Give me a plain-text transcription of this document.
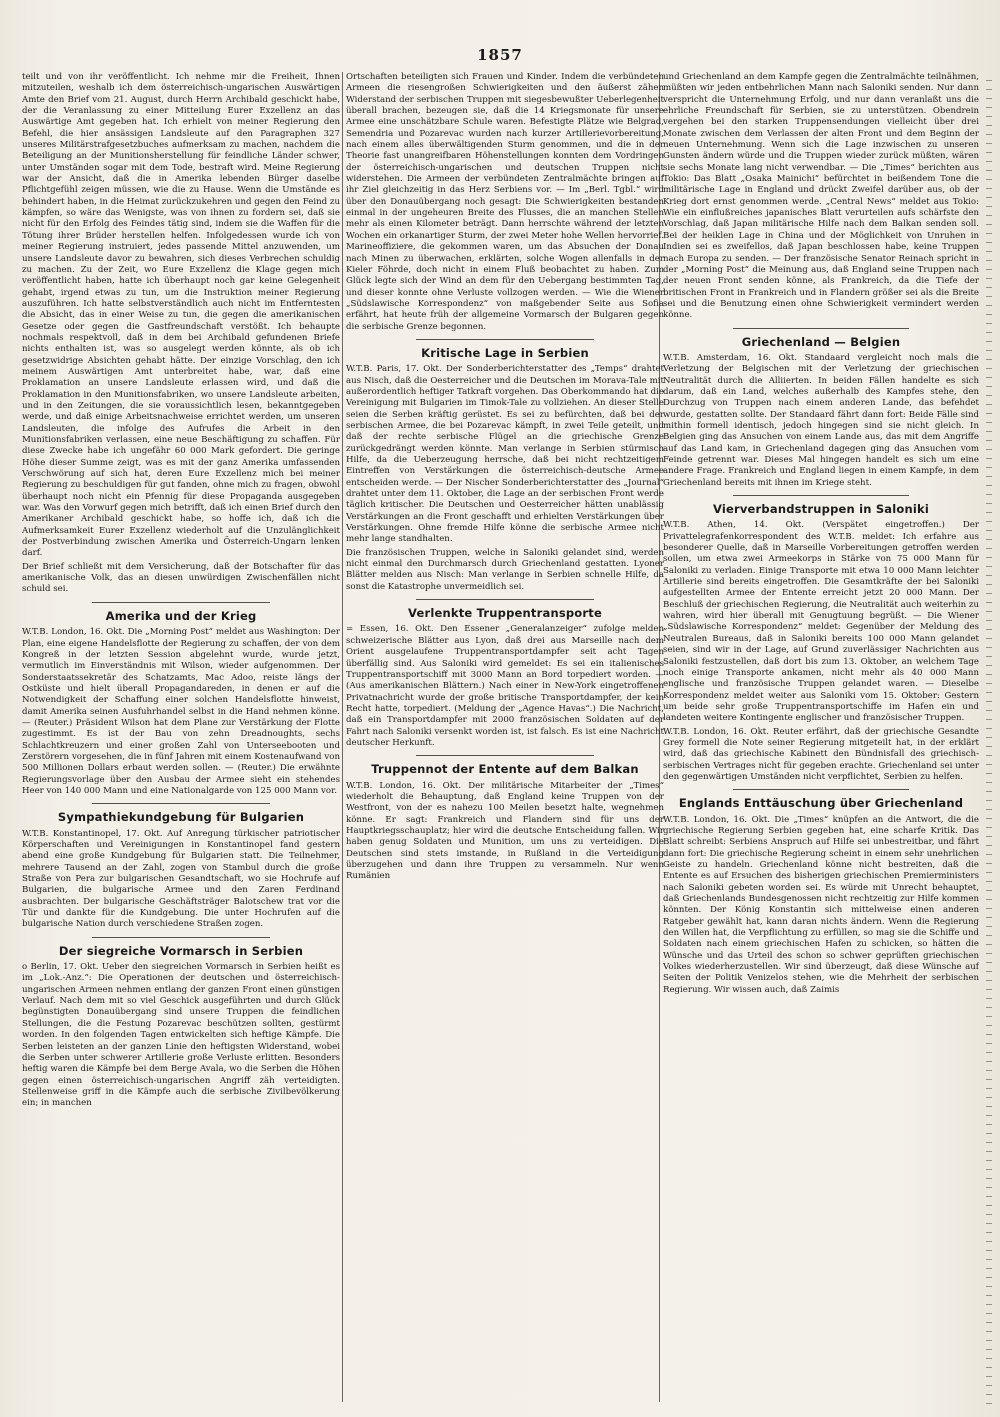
1857

teilt und von ihr veröffentlicht. Ich nehme mir die Freiheit, Ihnen mitzuteilen, weshalb ich dem österreichisch-ungarischen Auswärtigen Amte den Brief vom 21. August, durch Herrn Archibald geschickt habe, der die Veranlassung zu einer Mitteilung Eurer Exzellenz an das Auswärtige Amt gegeben hat. Ich erhielt von meiner Regierung den Befehl, die hier ansässigen Landsleute auf den Paragraphen 327 unseres Militärstrafgesetzbuches aufmerksam zu machen, nachdem die Beteiligung an der Munitionsherstellung für feindliche Länder schwer, unter Umständen sogar mit dem Tode, bestraft wird. Meine Regierung war der Ansicht, daß die in Amerika lebenden Bürger daselbe Pflichtgefühl zeigen müssen, wie die zu Hause. Wenn die Umstände es behindert haben, in die Heimat zurückzukehren und gegen den Feind zu kämpfen, so wäre das Wenigste, was von ihnen zu fordern sei, daß sie nicht für den Erfolg des Feindes tätig sind, indem sie die Waffen für die Tötung ihrer Brüder herstellen helfen. Infolgedessen wurde ich von meiner Regierung instruiert, jedes passende Mittel anzuwenden, um unsere Landsleute davor zu bewahren, sich dieses Verbrechen schuldig zu machen. Zu der Zeit, wo Eure Exzellenz die Klage gegen mich veröffentlicht haben, hatte ich überhaupt noch gar keine Gelegenheit gehabt, irgend etwas zu tun, um die Instruktion meiner Regierung auszuführen. Ich hatte selbstverständlich auch nicht im Entferntesten die Absicht, das in einer Weise zu tun, die gegen die amerikanischen Gesetze oder gegen die Gastfreundschaft verstößt. Ich behaupte nochmals respektvoll, daß in dem bei Archibald gefundenen Briefe nichts enthalten ist, was so ausgelegt werden könnte, als ob ich gesetzwidrige Absichten gehabt hätte. Der einzige Vorschlag, den ich meinem Auswärtigen Amt unterbreitet habe, war, daß eine Proklamation an unsere Landsleute erlassen wird, und daß die Proklamation in den Munitionsfabriken, wo unsere Landsleute arbeiten, und in den Zeitungen, die sie voraussichtlich lesen, bekanntgegeben werde, und daß einige Arbeitsnachweise errichtet werden, um unseren Landsleuten, die infolge des Aufrufes die Arbeit in den Munitionsfabriken verlassen, eine neue Beschäftigung zu schaffen. Für diese Zwecke habe ich ungefähr 60 000 Mark gefordert. Die geringe Höhe dieser Summe zeigt, was es mit der ganz Amerika umfassenden Verschwörung auf sich hat, deren Eure Exzellenz mich bei meiner Regierung zu beschuldigen für gut fanden, ohne mich zu fragen, obwohl überhaupt noch nicht ein Pfennig für diese Propaganda ausgegeben war. Was den Vorwurf gegen mich betrifft, daß ich einen Brief durch den Amerikaner Archibald geschickt habe, so hoffe ich, daß ich die Aufmerksamkeit Eurer Exzellenz wiederholt auf die Unzulänglichkeit der Postverbindung zwischen Amerika und Österreich-Ungarn lenken darf.

Der Brief schließt mit dem Versicherung, daß der Botschafter für das amerikanische Volk, das an diesen unwürdigen Zwischenfällen nicht schuld sei.

Amerika und der Krieg

W.T.B. London, 16. Okt. Die „Morning Post“ meldet aus Washington: Der Plan, eine eigene Handelsflotte der Regierung zu schaffen, der von dem Kongreß in der letzten Session abgelehnt wurde, wurde jetzt, vermutlich im Einverständnis mit Wilson, wieder aufgenommen. Der Sonderstaatssekretär des Schatzamts, Mac Adoo, reiste längs der Ostküste und hielt überall Propagandareden, in denen er auf die Notwendigkeit der Schaffung einer solchen Handelsflotte hinweist, damit Amerika seinen Ausfuhrhandel selbst in die Hand nehmen könne. — (Reuter.) Präsident Wilson hat dem Plane zur Verstärkung der Flotte zugestimmt. Es ist der Bau von zehn Dreadnoughts, sechs Schlachtkreuzern und einer großen Zahl von Unterseebooten und Zerstörern vorgesehen, die in fünf Jahren mit einem Kostenaufwand von 500 Millionen Dollars erbaut werden sollen. — (Reuter.) Die erwähnte Regierungsvorlage über den Ausbau der Armee sieht ein stehendes Heer von 140 000 Mann und eine Nationalgarde von 125 000 Mann vor.

Sympathiekundgebung für Bulgarien

W.T.B. Konstantinopel, 17. Okt. Auf Anregung türkischer patriotischer Körperschaften und Vereinigungen in Konstantinopel fand gestern abend eine große Kundgebung für Bulgarien statt. Die Teilnehmer, mehrere Tausend an der Zahl, zogen von Stambul durch die große Straße von Pera zur bulgarischen Gesandtschaft, wo sie Hochrufe auf Bulgarien, die bulgarische Armee und den Zaren Ferdinand ausbrachten. Der bulgarische Geschäftsträger Balotschew trat vor die Tür und dankte für die Kundgebung. Die unter Hochrufen auf die bulgarische Nation durch verschiedene Straßen zogen.

Der siegreiche Vormarsch in Serbien

o Berlin, 17. Okt. Ueber den siegreichen Vormarsch in Serbien heißt es im „Lok.-Anz.“: Die Operationen der deutschen und österreichisch-ungarischen Armeen nehmen entlang der ganzen Front einen günstigen Verlauf. Nach dem mit so viel Geschick ausgeführten und durch Glück begünstigten Donauübergang sind unsere Truppen die feindlichen Stellungen, die die Festung Pozarevac beschützen sollten, gestürmt worden. In den folgenden Tagen entwickelten sich heftige Kämpfe. Die Serben leisteten an der ganzen Linie den heftigsten Widerstand, wobei die Serben unter schwerer Artillerie große Verluste erlitten. Besonders heftig waren die Kämpfe bei dem Berge Avala, wo die Serben die Höhen gegen einen österreichisch-ungarischen Angriff zäh verteidigten. Stellenweise griff in die Kämpfe auch die serbische Zivilbevölkerung ein; in manchen

Ortschaften beteiligten sich Frauen und Kinder. Indem die verbündeten Armeen die riesengroßen Schwierigkeiten und den äußerst zähen Widerstand der serbischen Truppen mit siegesbewußter Ueberlegenheit überall brachen, bezeugen sie, daß die 14 Kriegsmonate für unsere Armee eine unschätzbare Schule waren. Befestigte Plätze wie Belgrad, Semendria und Pozarevac wurden nach kurzer Artillerievorbereitung, nach einem alles überwältigenden Sturm genommen, und die in der Theorie fast unangreifbaren Höhenstellungen konnten dem Vordringen der österreichisch-ungarischen und deutschen Truppen nicht widerstehen. Die Armeen der verbündeten Zentralmächte bringen auf ihr Ziel gleichzeitig in das Herz Serbiens vor. — Im „Berl. Tgbl.“ wird über den Donauübergang noch gesagt: Die Schwierigkeiten bestanden einmal in der ungeheuren Breite des Flusses, die an manchen Stellen mehr als einen Kilometer beträgt. Dann herrschte während der letzten Wochen ein orkanartiger Sturm, der zwei Meter hohe Wellen hervorrief. Marineoffiziere, die gekommen waren, um das Absuchen der Donau nach Minen zu überwachen, erklärten, solche Wogen allenfalls in der Kieler Föhrde, doch nicht in einem Fluß beobachtet zu haben. Zum Glück legte sich der Wind an dem für den Uebergang bestimmten Tag, und dieser konnte ohne Verluste vollzogen werden. — Wie die Wiener „Südslawische Korrespondenz“ von maßgebender Seite aus Sofia erfährt, hat heute früh der allgemeine Vormarsch der Bulgaren gegen die serbische Grenze begonnen.

Kritische Lage in Serbien

W.T.B. Paris, 17. Okt. Der Sonderberichterstatter des „Temps“ drahtet aus Nisch, daß die Oesterreicher und die Deutschen im Morava-Tale mit außerordentlich heftiger Tatkraft vorgehen. Das Oberkommando hat die Vereinigung mit Bulgarien im Timok-Tale zu vollziehen. An dieser Stelle seien die Serben kräftig gerüstet. Es sei zu befürchten, daß bei der serbischen Armee, die bei Pozarevac kämpft, in zwei Teile geteilt, und daß der rechte serbische Flügel an die griechische Grenze zurückgedrängt werden könnte. Man verlange in Serbien stürmisch Hilfe, da die Ueberzeugung herrsche, daß bei nicht rechtzeitigem Eintreffen von Verstärkungen die österreichisch-deutsche Armee entscheiden werde. — Der Nischer Sonderberichterstatter des „Journal“ drahtet unter dem 11. Oktober, die Lage an der serbischen Front werde täglich kritischer. Die Deutschen und Oesterreicher hätten unablässig Verstärkungen an die Front geschafft und erhielten Verstärkungen über Verstärkungen. Ohne fremde Hilfe könne die serbische Armee nicht mehr lange standhalten.

Die französischen Truppen, welche in Saloniki gelandet sind, werden nicht einmal den Durchmarsch durch Griechenland gestatten. Lyoner Blätter melden aus Nisch: Man verlange in Serbien schnelle Hilfe, da sonst die Katastrophe unvermeidlich sei.

Verlenkte Truppentransporte

= Essen, 16. Okt. Den Essener „Generalanzeiger“ zufolge melden schweizerische Blätter aus Lyon, daß drei aus Marseille nach dem Orient ausgelaufene Truppentransportdampfer seit acht Tagen überfällig sind. Aus Saloniki wird gemeldet: Es sei ein italienisches Truppentransportschiff mit 3000 Mann an Bord torpediert worden. — (Aus amerikanischen Blättern.) Nach einer in New-York eingetroffenen Privatnachricht wurde der große britische Transportdampfer, der kein Recht hatte, torpediert. (Meldung der „Agence Havas“.) Die Nachricht, daß ein Transportdampfer mit 2000 französischen Soldaten auf der Fahrt nach Saloniki versenkt worden ist, ist falsch. Es ist eine Nachricht deutscher Herkunft.

Truppennot der Entente auf dem Balkan

W.T.B. London, 16. Okt. Der militärische Mitarbeiter der „Times“ wiederholt die Behauptung, daß England keine Truppen von der Westfront, von der es nahezu 100 Meilen besetzt halte, wegnehmen könne. Er sagt: Frankreich und Flandern sind für uns der Hauptkriegsschauplatz; hier wird die deutsche Entscheidung fallen. Wir haben genug Soldaten und Munition, um uns zu verteidigen. Die Deutschen sind stets imstande, in Rußland in die Verteidigung überzugehen und dann ihre Truppen zu versammeln. Nur wenn Rumänien

und Griechenland an dem Kampfe gegen die Zentralmächte teilnähmen, müßten wir jeden entbehrlichen Mann nach Saloniki senden. Nur dann verspricht die Unternehmung Erfolg, und nur dann veranlaßt uns die ehrliche Freundschaft für Serbien, sie zu unterstützen. Obendrein vergehen bei den starken Truppensendungen vielleicht über drei Monate zwischen dem Verlassen der alten Front und dem Beginn der neuen Unternehmung. Wenn sich die Lage inzwischen zu unseren Gunsten ändern würde und die Truppen wieder zurück müßten, wären sie sechs Monate lang nicht verwendbar. — Die „Times“ berichten aus Tokio: Das Blatt „Osaka Mainichi“ befürchtet in beißendem Tone die militärische Lage in England und drückt Zweifel darüber aus, ob der Krieg dort ernst genommen werde. „Central News“ meldet aus Tokio: Wie ein einflußreiches japanisches Blatt verurteilen aufs schärfste den Vorschlag, daß Japan militärische Hilfe nach dem Balkan senden soll. Bei der heiklen Lage in China und der Möglichkeit von Unruhen in Indien sei es zweifellos, daß Japan beschlossen habe, keine Truppen nach Europa zu senden. — Der französische Senator Reinach spricht in der „Morning Post“ die Meinung aus, daß England seine Truppen nach der neuen Front senden könne, als Frankreich, da die Tiefe der britischen Front in Frankreich und in Flandern größer sei als die Breite sei und die Benutzung einen ohne Schwierigkeit vermindert werden könne.

Griechenland — Belgien

W.T.B. Amsterdam, 16. Okt. Standaard vergleicht noch mals die Verletzung der Belgischen mit der Verletzung der griechischen Neutralität durch die Alliierten. In beiden Fällen handelte es sich darum, daß ein Land, welches außerhalb des Kampfes stehe, den Durchzug von Truppen nach einem anderen Lande, das befehdet wurde, gestatten sollte. Der Standaard fährt dann fort: Beide Fälle sind mithin formell identisch, jedoch hingegen sind sie nicht gleich. In Belgien ging das Ansuchen von einem Lande aus, das mit dem Angriffe auf das Land kam, in Griechenland dagegen ging das Ansuchen vom Feinde getrennt war. Dieses Mal hingegen handelt es sich um eine andere Frage. Frankreich und England liegen in einem Kampfe, in dem Griechenland bereits mit ihnen im Kriege steht.

Vierverbandstruppen in Saloniki

W.T.B. Athen, 14. Okt. (Verspätet eingetroffen.) Der Privattelegrafenkorrespondent des W.T.B. meldet: Ich erfahre aus besonderer Quelle, daß in Marseille Vorbereitungen getroffen werden sollen, um etwa zwei Armeekorps in Stärke von 75 000 Mann für Saloniki zu verladen. Einige Transporte mit etwa 10 000 Mann leichter Artillerie sind bereits eingetroffen. Die Gesamtkräfte der bei Saloniki aufgestellten Armee der Entente erreicht jetzt 20 000 Mann. Der Beschluß der griechischen Regierung, die Neutralität auch weiterhin zu wahren, wird hier überall mit Genugtuung begrüßt. — Die Wiener „Südslawische Korrespondenz“ meldet: Gegenüber der Meldung des Neutralen Bureaus, daß in Saloniki bereits 100 000 Mann gelandet seien, sind wir in der Lage, auf Grund zuverlässiger Nachrichten aus Saloniki festzustellen, daß dort bis zum 13. Oktober, an welchem Tage noch einige Transporte ankamen, nicht mehr als 40 000 Mann englische und französische Truppen gelandet waren. — Dieselbe Korrespondenz meldet weiter aus Saloniki vom 15. Oktober: Gestern um beide sehr große Truppentransportschiffe im Hafen ein und landeten weitere Kontingente englischer und französischer Truppen.

W.T.B. London, 16. Okt. Reuter erfährt, daß der griechische Gesandte Grey formell die Note seiner Regierung mitgeteilt hat, in der erklärt wird, daß das griechische Kabinett den Bündnisfall des griechisch-serbischen Vertrages nicht für gegeben erachte. Griechenland sei unter den gegenwärtigen Umständen nicht verpflichtet, Serbien zu helfen.

Englands Enttäuschung über Griechenland

W.T.B. London, 16. Okt. Die „Times“ knüpfen an die Antwort, die die griechische Regierung Serbien gegeben hat, eine scharfe Kritik. Das Blatt schreibt: Serbiens Anspruch auf Hilfe sei unbestreitbar, und fährt dann fort: Die griechische Regierung scheint in einem sehr unehrlichen Geiste zu handeln. Griechenland könne nicht bestreiten, daß die Entente es auf Ersuchen des bisherigen griechischen Premierministers nach Saloniki gebeten worden sei. Es würde mit Unrecht behauptet, daß Griechenlands Bundesgenossen nicht rechtzeitig zur Hilfe kommen könnten. Der König Konstantin sich mittelweise einen anderen Ratgeber gewählt hat, kann daran nichts ändern. Wenn die Regierung den Willen hat, die Verpflichtung zu erfüllen, so mag sie die Schiffe und Soldaten nach einem griechischen Hafen zu schicken, so hätten die Wünsche und das Urteil des schon so schwer geprüften griechischen Volkes wiederherzustellen. Wir sind überzeugt, daß diese Wünsche auf Seiten der Politik Venizelos stehen, wie die Mehrheit der serbischen Regierung. Wir wissen auch, daß Zaimis
